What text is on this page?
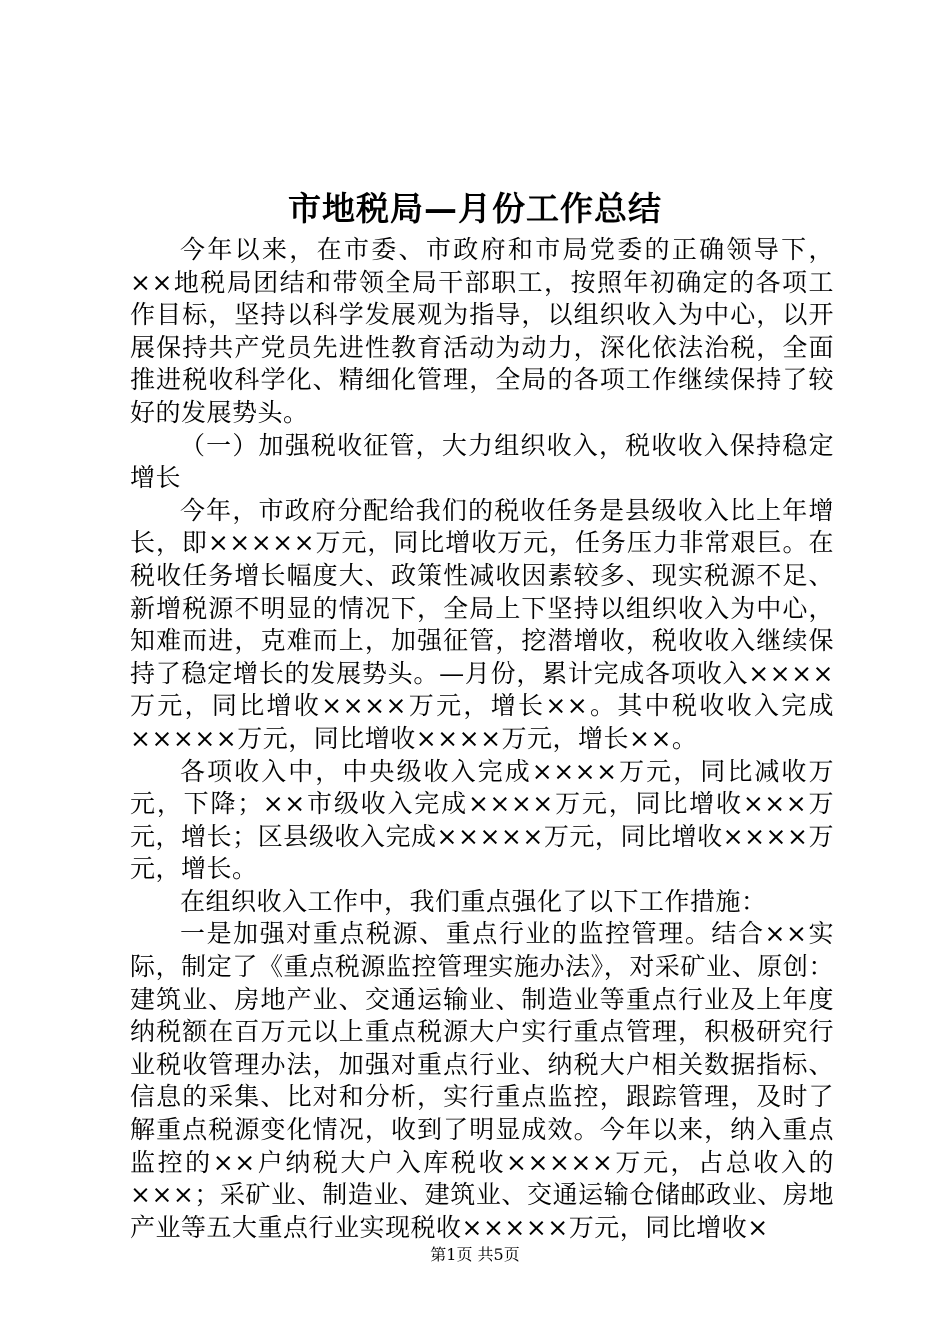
市地税局—月份工作总结

今年以来，在市委、市政府和市局党委的正确领导下，××地税局团结和带领全局干部职工，按照年初确定的各项工作目标，坚持以科学发展观为指导，以组织收入为中心，以开展保持共产党员先进性教育活动为动力，深化依法治税，全面推进税收科学化、精细化管理，全局的各项工作继续保持了较好的发展势头。

（一）加强税收征管，大力组织收入，税收收入保持稳定增长

今年，市政府分配给我们的税收任务是县级收入比上年增长，即×××××万元，同比增收万元，任务压力非常艰巨。在税收任务增长幅度大、政策性减收因素较多、现实税源不足、新增税源不明显的情况下，全局上下坚持以组织收入为中心，知难而进，克难而上，加强征管，挖潜增收，税收收入继续保持了稳定增长的发展势头。—月份，累计完成各项收入××××万元，同比增收××××万元，增长××。其中税收收入完成×××××万元，同比增收××××万元，增长××。

各项收入中，中央级收入完成××××万元，同比减收万元，下降；××市级收入完成××××万元，同比增收×××万元，增长；区县级收入完成×××××万元，同比增收××××万元，增长。

在组织收入工作中，我们重点强化了以下工作措施：

一是加强对重点税源、重点行业的监控管理。结合××实际，制定了《重点税源监控管理实施办法》，对采矿业、原创：建筑业、房地产业、交通运输业、制造业等重点行业及上年度纳税额在百万元以上重点税源大户实行重点管理，积极研究行业税收管理办法，加强对重点行业、纳税大户相关数据指标、信息的采集、比对和分析，实行重点监控，跟踪管理，及时了解重点税源变化情况，收到了明显成效。今年以来，纳入重点监控的××户纳税大户入库税收×××××万元，占总收入的×××；采矿业、制造业、建筑业、交通运输仓储邮政业、房地产业等五大重点行业实现税收×××××万元，同比增收×

第1页 共5页
